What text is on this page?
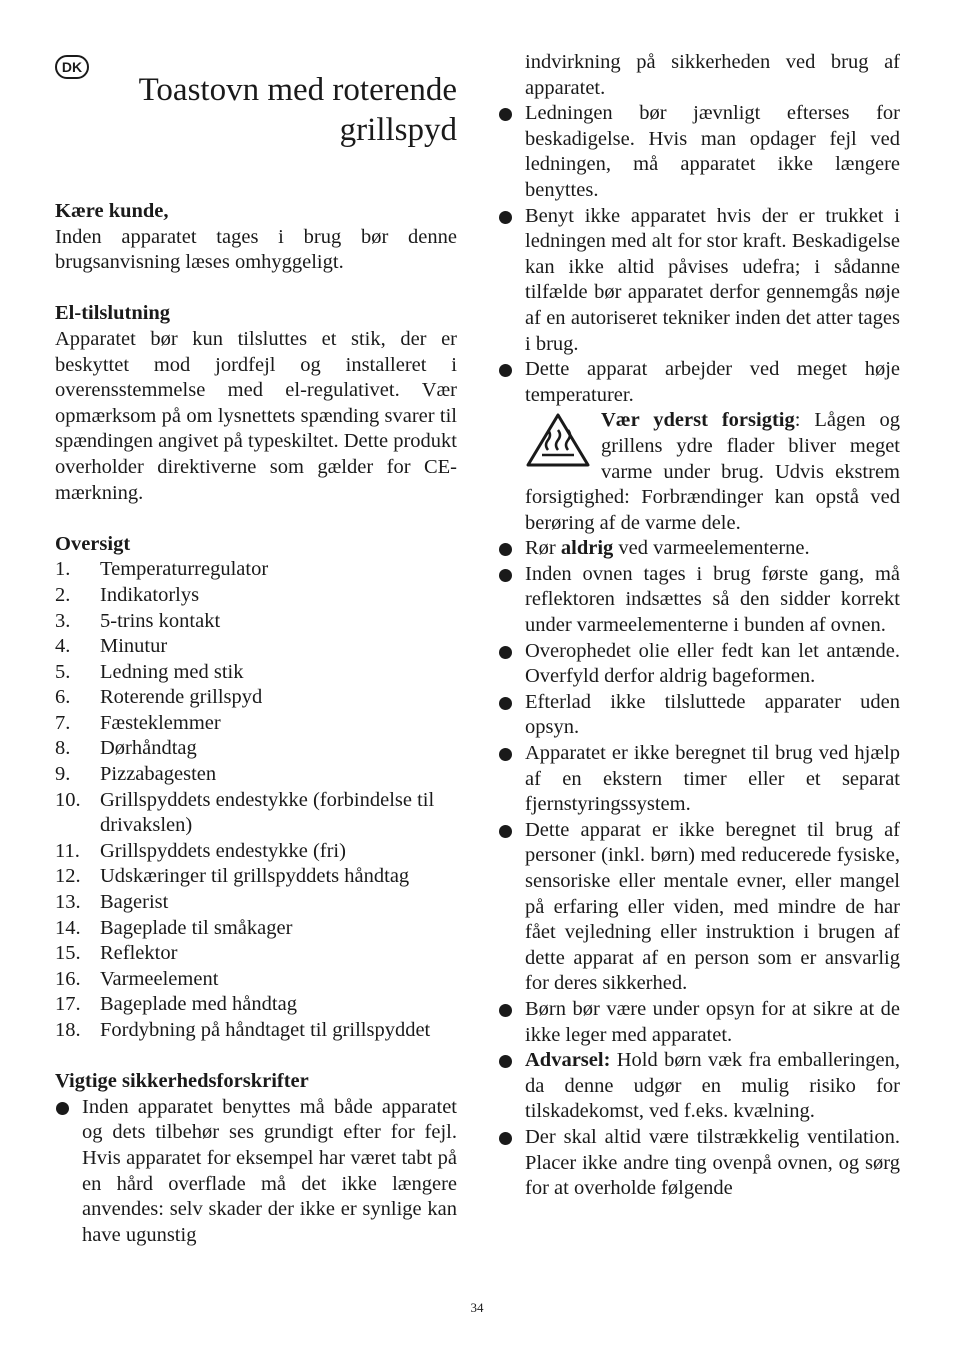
DK
Toastovn med roterende grillspyd
Kære kunde,

Inden apparatet tages i brug bør denne brugsanvisning læses omhyggeligt.

El-tilslutning

Apparatet bør kun tilsluttes et stik, der er beskyttet mod jordfejl og installeret i overensstemmelse med el-regulativet. Vær opmærksom på om lysnettets spænding svarer til spændingen angivet på typeskiltet. Dette produkt overholder direktiverne som gælder for CE-mærkning.

Oversigt
1.	Temperaturregulator
2.	Indikatorlys
3.	5-trins kontakt
4.	Minutur
5.	Ledning med stik
6.	Roterende grillspyd
7.	Fæsteklemmer
8.	Dørhåndtag
9.	Pizzabagesten
10. Grillspyddets endestykke (forbindelse til drivakslen)
11. Grillspyddets endestykke (fri)
12. Udskæringer til grillspyddets håndtag
13. Bagerist
14. Bageplade til småkager
15. Reflektor
16. Varmeelement
17. Bageplade med håndtag
18. Fordybning på håndtaget til grillspyddet
Vigtige sikkerhedsforskrifter
Inden apparatet benyttes må både apparatet og dets tilbehør ses grundigt efter for fejl. Hvis apparatet for eksempel har været tabt på en hård overflade må det ikke længere anvendes: selv skader der ikke er synlige kan have ugunstig
indvirkning på sikkerheden ved brug af apparatet.
Ledningen bør jævnligt efterses for beskadigelse. Hvis man opdager fejl ved ledningen, må apparatet ikke længere benyttes.
Benyt ikke apparatet hvis der er trukket i ledningen med alt for stor kraft. Beskadigelse kan ikke altid påvises udefra; i sådanne tilfælde bør apparatet derfor gennemgås nøje af en autoriseret tekniker inden det atter tages i brug.
Dette apparat arbejder ved meget høje temperaturer.

Vær yderst forsigtig: Lågen og grillens ydre flader bliver meget varme under brug. Udvis ekstrem forsigtighed: Forbrændinger kan opstå ved berøring af de varme dele.

Rør aldrig ved varmeelementerne.
Inden ovnen tages i brug første gang, må reflektoren indsættes så den sidder korrekt under varmeelementerne i bunden af ovnen.
Overophedet olie eller fedt kan let antænde. Overfyld derfor aldrig bageformen.
Efterlad ikke tilsluttede apparater uden opsyn.
Apparatet er ikke beregnet til brug ved hjælp af en ekstern timer eller et separat fjernstyringssystem.
Dette apparat er ikke beregnet til brug af personer (inkl. børn) med reducerede fysiske, sensoriske eller mentale evner, eller mangel på erfaring eller viden, med mindre de har fået vejledning eller instruktion i brugen af dette apparat af en person som er ansvarlig for deres sikkerhed.
Børn bør være under opsyn for at sikre at de ikke leger med apparatet.
Advarsel: Hold børn væk fra emballeringen, da denne udgør en mulig risiko for tilskadekomst, ved f.eks. kvælning.
Der skal altid være tilstrækkelig ventilation. Placer ikke andre ting ovenpå ovnen, og sørg for at overholde følgende
34
